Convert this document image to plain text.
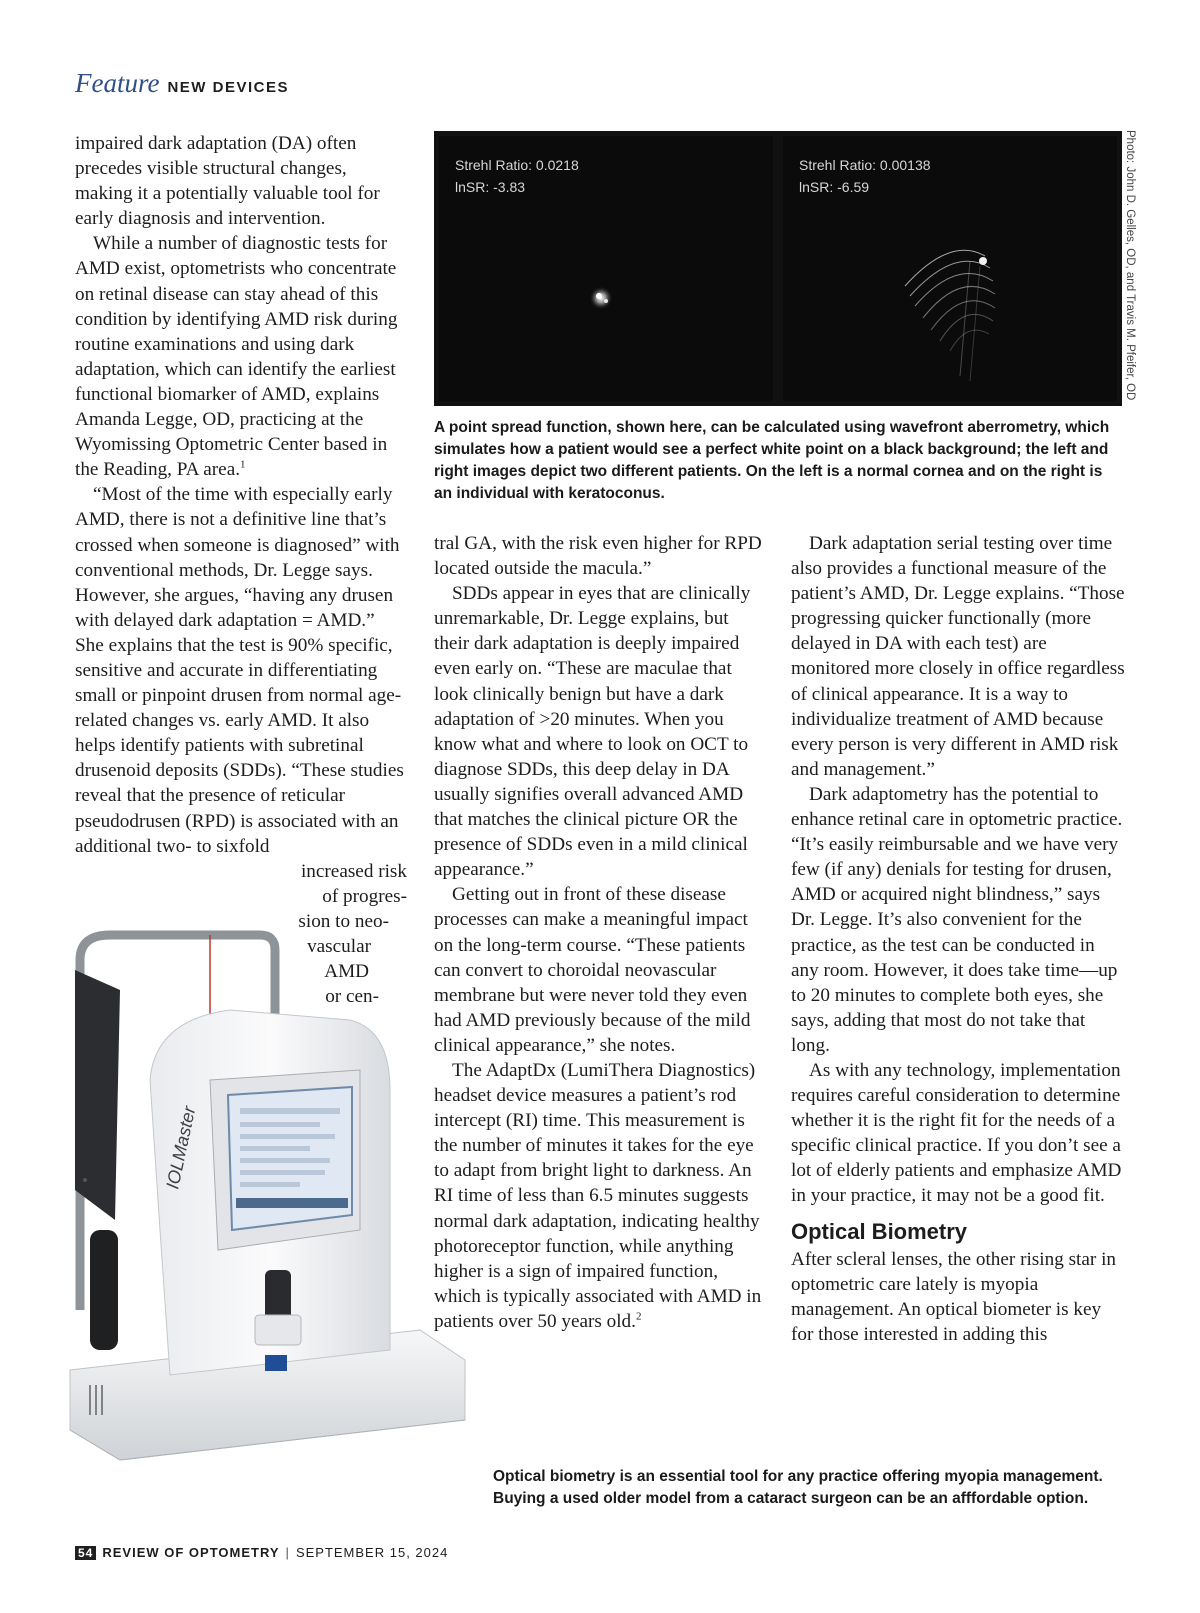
Feature NEW DEVICES

impaired dark adaptation (DA) often precedes visible structural changes, making it a potentially valuable tool for early diagnosis and intervention.

While a number of diagnostic tests for AMD exist, optometrists who concentrate on retinal disease can stay ahead of this condition by identifying AMD risk during routine examinations and using dark adaptation, which can identify the earliest functional biomarker of AMD, explains Amanda Legge, OD, practicing at the Wyomissing Optometric Center based in the Reading, PA area.$^1$

“Most of the time with especially early AMD, there is not a definitive line that’s crossed when someone is diagnosed” with conventional methods, Dr. Legge says. However, she argues, “having any drusen with delayed dark adaptation = AMD.” She explains that the test is 90% specific, sensitive and accurate in differentiating small or pinpoint drusen from normal age-related changes vs. early AMD. It also helps identify patients with subretinal drusenoid deposits (SDDs). “These studies reveal that the presence of reticular pseudodrusen (RPD) is associated with an additional two- to sixfold

increased risk
of progres-
sion to neo-
vascular
AMD
or cen-
Strehl Ratio: 0.0218
lnSR: -3.83
Strehl Ratio: 0.00138
lnSR: -6.59	Photo: John D. Gelles, OD, and Travis M. Pfeifer, OD
A point spread function, shown here, can be calculated using wavefront aberrometry, which simulates how a patient would see a perfect white point on a black background; the left and right images depict two different patients. On the left is a normal cornea and on the right is an individual with keratoconus.

tral GA, with the risk even higher for RPD located outside the macula.”

SDDs appear in eyes that are clinically unremarkable, Dr. Legge explains, but their dark adaptation is deeply impaired even early on. “These are maculae that look clinically benign but have a dark adaptation of >20 minutes. When you know what and where to look on OCT to diagnose SDDs, this deep delay in DA usually signifies overall advanced AMD that matches the clinical picture OR the presence of SDDs even in a mild clinical appearance.”

Getting out in front of these disease processes can make a meaningful impact on the long-term course. “These patients can convert to choroidal neovascular membrane but were never told they even had AMD previously because of the mild clinical appearance,” she notes.

The AdaptDx (LumiThera Diagnostics) headset device measures a patient’s rod intercept (RI) time. This measurement is the number of minutes it takes for the eye to adapt from bright light to darkness. An RI time of less than 6.5 minutes suggests normal dark adaptation, indicating healthy photoreceptor function, while anything higher is a sign of impaired function, which is typically associated with AMD in patients over 50 years old.$^2$

Dark adaptation serial testing over time also provides a functional measure of the patient’s AMD, Dr. Legge explains. “Those progressing quicker functionally (more delayed in DA with each test) are monitored more closely in office regardless of clinical appearance. It is a way to individualize treatment of AMD because every person is very different in AMD risk and management.”

Dark adaptometry has the potential to enhance retinal care in optometric practice. “It’s easily reimbursable and we have very few (if any) denials for testing for drusen, AMD or acquired night blindness,” says Dr. Legge. It’s also convenient for the practice, as the test can be conducted in any room. However, it does take time—up to 20 minutes to complete both eyes, she says, adding that most do not take that long.

As with any technology, implementation requires careful consideration to determine whether it is the right fit for the needs of a specific clinical practice. If you don’t see a lot of elderly patients and emphasize AMD in your practice, it may not be a good fit.

Optical Biometry

After scleral lenses, the other rising star in optometric care lately is myopia management. An optical biometer is key for those interested in adding this

IOLMaster
Optical biometry is an essential tool for any practice offering myopia management. Buying a used older model from a cataract surgeon can be an afffordable option.
54 REVIEW OF OPTOMETRY | SEPTEMBER 15, 2024
